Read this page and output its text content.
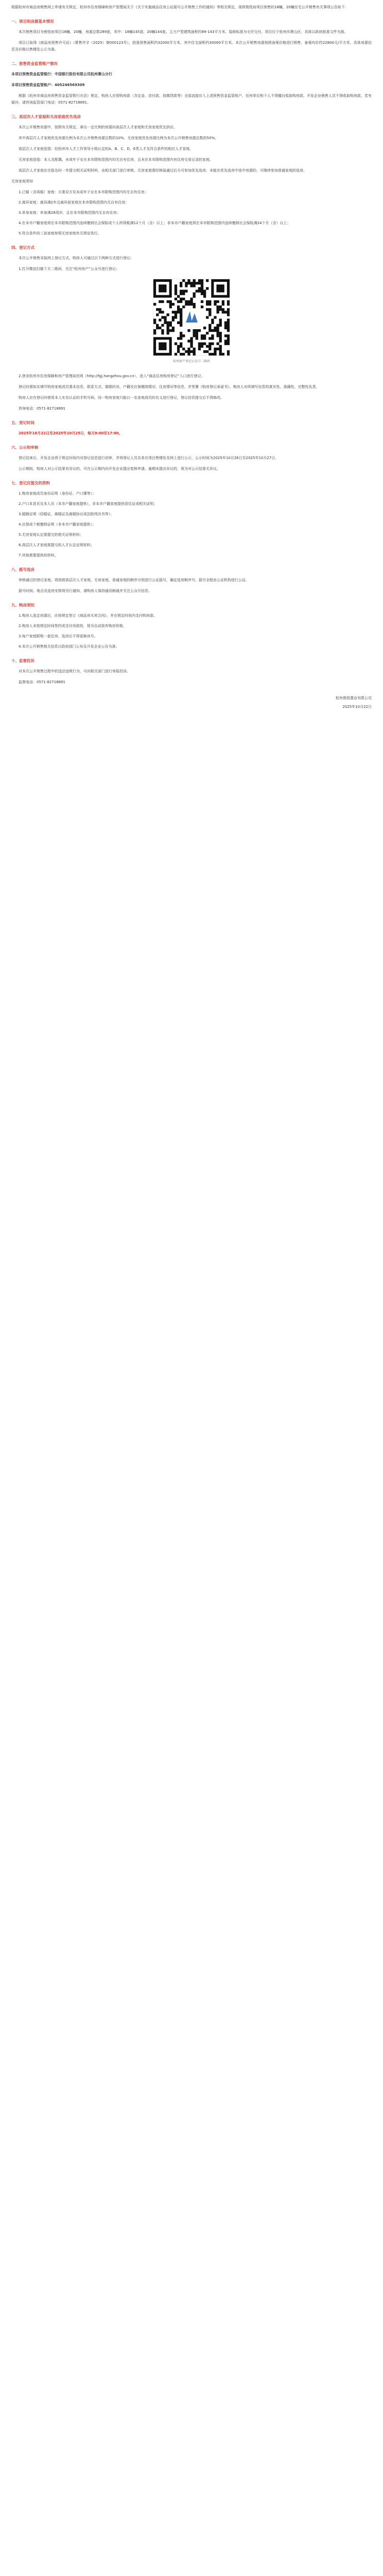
根据杭州市商品房销售网上申请有关规定，杭州市住房保障和房产管理局关于《关于实施商品住房公证摇号公开销售工作的通知》等相关规定，现将俊悦府项目预售的18幢、20幢住宅公开销售有关事项公告如下：

一、项目和房源基本情况

本次销售项目为俊悦府项目18幢、20幢，房源总数289套，其中：18幢145套，20幢144套。主力户型建筑面积约89-143平方米，装修标准为毛坯交付。项目位于杭州市萧山区，具体以政府批准文件为准。

项目已取得《商品房预售许可证》（萧售许字（2025）第000123号），批准预售面积约32000平方米，其中住宅面积约30000平方米。本次公开销售房源按照备案价格进行销售，备案均价约22800元/平方米，具体房源信息及价格以售楼处公示为准。

二、预售资金监管账户情况

本项目预售资金监管银行：中国银行股份有限公司杭州萧山分行

本项目预售资金监管账户：405246569309

根据《杭州市商品房预售资金监管暂行办法》规定，购房人应将购房款（含定金、首付款、按揭贷款等）全部直接存入上述预售资金监管账户，任何单位和个人不得擅自收取购房款。开发企业销售人员不得收取购房款。若有疑问，请咨询监管部门电话：0571-82718891。

三、高层次人才家庭和无房家庭优先选房

本次公开销售房源中，按照有关规定，拿出一定比例的房源向高层次人才家庭和无房家庭优先供应。

其中高层次人才家庭优先房源比例为本次公开销售房源总数的10%，无房家庭优先房源比例为本次公开销售房源总数的50%。

高层次人才家庭是指：经杭州市人才工作领导小组认定的A、B、C、D、E类人才及符合条件的相应人才家庭。

无房家庭是指：本人及配偶、未成年子女在本市限购范围内均无自有住房，且未在本市限购范围内有住房交易记录的家庭。

高层次人才家庭应在报名时一并提交相关证明材料，由相关部门进行审核。无房家庭需经核验通过后方可参加优先选房。未能在优先选房中选中房源的，可继续参加普通家庭的选房。

无房家庭须知

1.已婚（含再婚）家庭：夫妻双方及未成年子女在本市限购范围内均无自有住房；

2.离异家庭：离异满2年且离异前家庭在本市限购范围内无自有住房；

3.单身家庭：单身满28周岁，且在本市限购范围内无自有住房；

4.在本市户籍家庭须在本市限购范围内连续缴纳社会保险或个人所得税满12个月（含）以上；非本市户籍家庭须在本市限购范围内连续缴纳社会保险满24个月（含）以上；

5.符合条件的三孩家庭参照无房家庭有关规定执行。

四、登记方式

本次公开销售采取网上登记方式。购房人可通过以下两种方式进行登记：

1.打开微信扫描下方二维码，关注“杭州房产”公众号进行登记；

杭州房产登记公众号二维码

2.登录杭州市住房保障和房产管理局官网（http://fgj.hangzhou.gov.cn），进入“商品住房购房登记”入口进行登记。

登记时需如实填写购房家庭成员基本信息、联系方式、婚姻状况、户籍及社保缴纳情况、住房情况等信息，并签署《购房登记承诺书》。购房人对所填写信息的真实性、准确性、完整性负责。

购房人应在登记时使用本人实名认证的手机号码。同一购房家庭只能以一名家庭成员的名义进行登记，登记信息提交后不得修改。

咨询电话：0571-82718891

五、登记时间

2025年10月22日至2025年10月25日，每天9:00至17:00。

六、公示和审核

登记结束后，开发企业将于规定时间内对登记信息进行初审，并将登记人员名单在项目售楼处及网上进行公示，公示时间为2025年10月26日至2025年10月27日。

公示期间，购房人对公示结果有异议的，可在公示期内向开发企业提出复核申请。逾期未提出异议的，视为对公示结果无异议。

七、登记应提交的资料

1.购房家庭成员身份证明（身份证、户口簿等）；

2.户口本首页及本人页（本市户籍家庭提供），非本市户籍家庭提供居住证或相关证明；

3.婚姻证明（结婚证、离婚证及离婚协议或法院判决书等）；

4.社保或个税缴纳证明（非本市户籍家庭提供）；

5.无房家庭认定需提交的相关证明材料；

6.高层次人才家庭需提交的人才认定证明材料；

7.其他需要提供的材料。

八、摇号选房

审核通过的登记家庭，将按照高层次人才家庭、无房家庭、普通家庭的顺序分别进行公证摇号，确定选房顺序号。摇号全程由公证机构进行公证。

摇号时间、地点及选房安排将另行通知，请购房人保持通讯畅通并关注公众号信息。

九、购房须知

1.购房人选定房源后，应按规定签订《商品房买卖合同》，并在规定时间内支付购房款。

2.购房人未按规定时间签约或支付房款的，视为自动放弃购房资格。

3.每户家庭限购一套住房，选房后不得更换房号。

4.本次公开销售相关信息以政府部门公布及开发企业公告为准。

十、监督投诉

对本次公开销售过程中的违法违规行为，可向相关部门进行举报投诉。

监督电话：0571-82718891

杭州俊悦置业有限公司
2025年10月22日
